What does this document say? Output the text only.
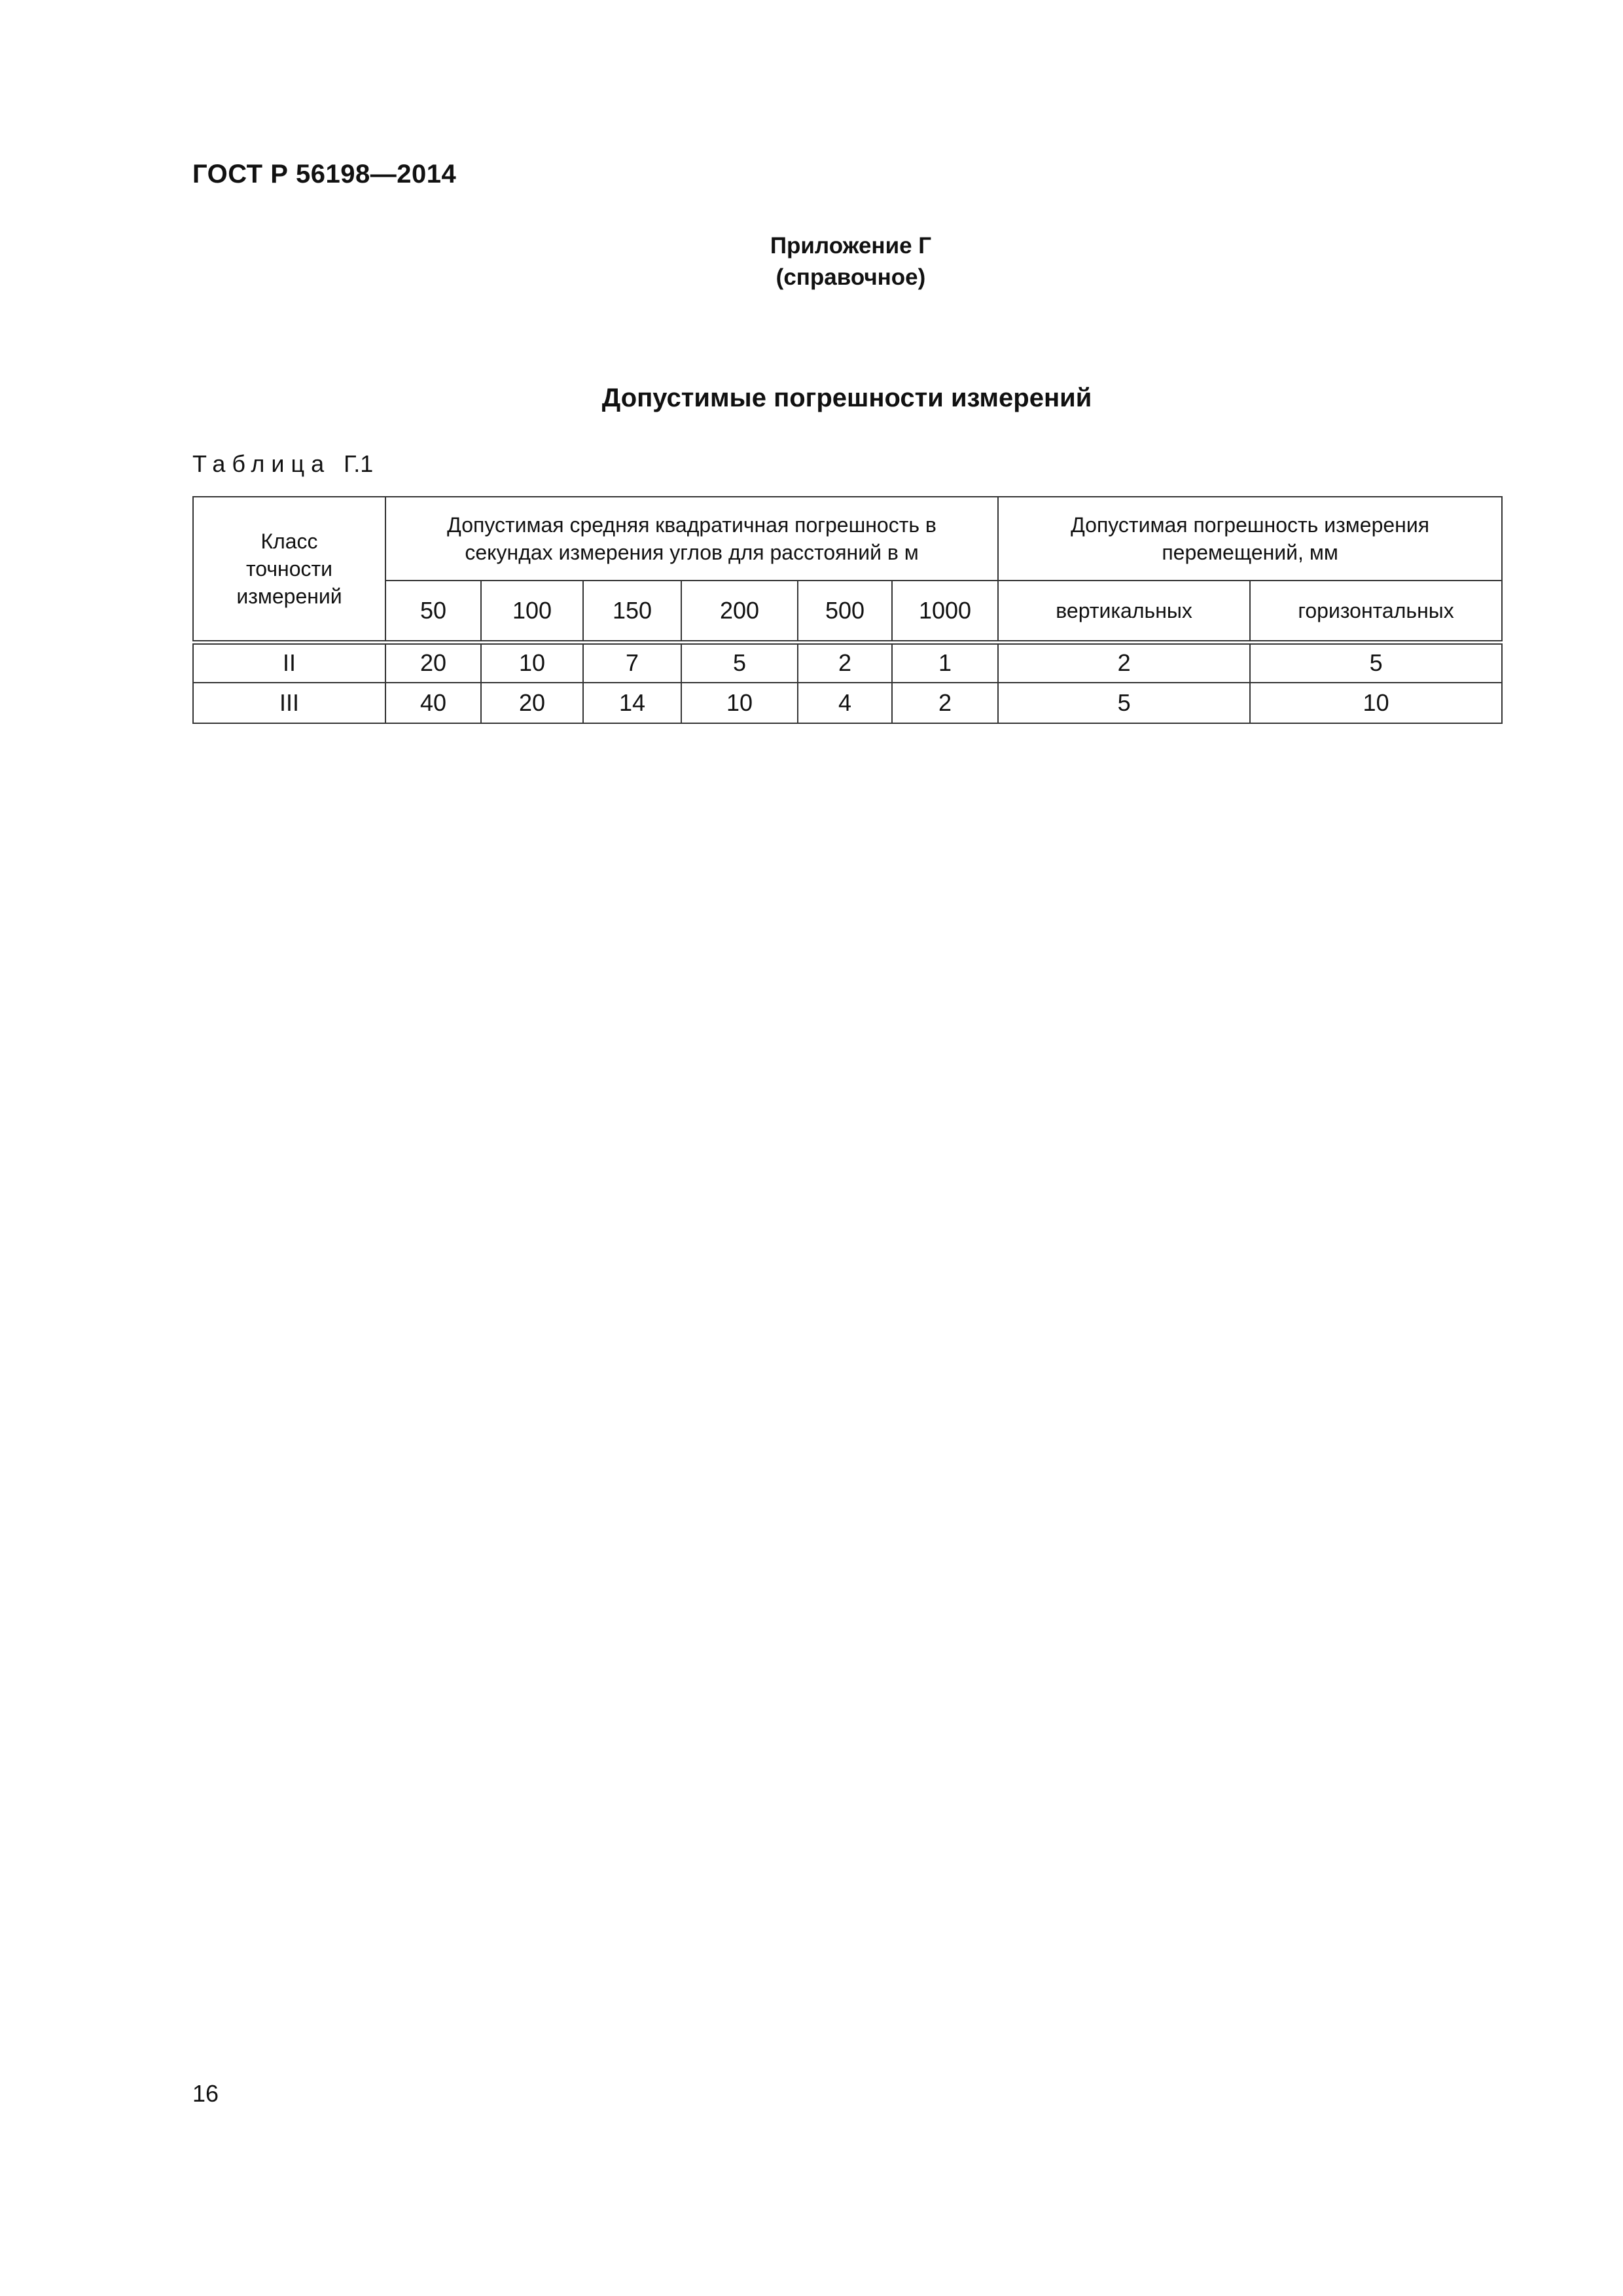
ГОСТ Р 56198—2014
Приложение Г
(справочное)
Допустимые погрешности измерений
Таблица Г.1
Класс точности измерений	Допустимая средняя квадратичная погрешность в секундах измерения углов для расстояний в м						Допустимая погрешность измерения перемещений, мм	
	50	100	150	200	500	1000	вертикальных	горизонтальных
II	20	10	7	5	2	1	2	5
III	40	20	14	10	4	2	5	10
16
